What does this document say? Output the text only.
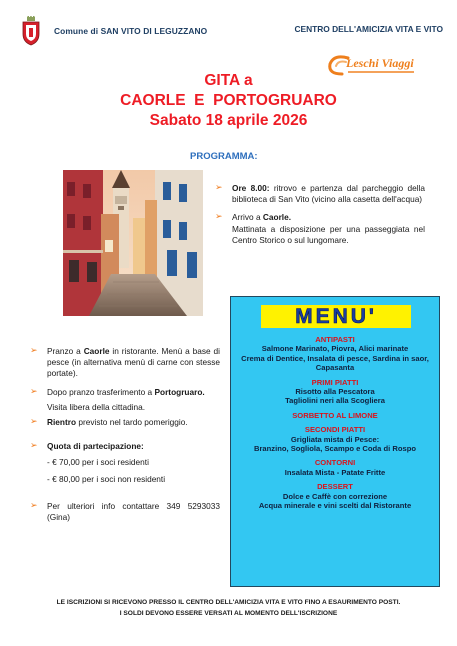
Comune di SAN VITO DI LEGUZZANO	CENTRO DELL'AMICIZIA VITA E VITO
Leschi Viaggi
GITA a
CAORLE  E  PORTOGRUARO
Sabato 18 aprile 2026
PROGRAMMA:
➢ Ore 8.00: ritrovo e partenza dal parcheggio della biblioteca di San Vito (vicino alla casetta dell'acqua)
➢ Arrivo a Caorle.
Mattinata a disposizione per una passeggiata nel Centro Storico o sul lungomare.
➢ Pranzo a Caorle in ristorante. Menù a base di pesce (in alternativa menù di carne con stesse portate).
➢ Dopo pranzo trasferimento a Portogruaro.
Visita libera della cittadina.
➢ Rientro previsto nel tardo pomeriggio.
➢ Quota di partecipazione:
- € 70,00 per i soci residenti
- € 80,00 per i soci non residenti
➢ Per ulteriori info contattare 349 5293033 (Gina)
MENU'
ANTIPASTI
Salmone Marinato, Piovra, Alici marinate
Crema di Dentice, Insalata di pesce, Sardina in saor, Capasanta
PRIMI PIATTI
Risotto alla Pescatora
Tagliolini neri alla Scogliera
SORBETTO AL LIMONE
SECONDI PIATTI
Grigliata mista di Pesce:
Branzino, Sogliola, Scampo e Coda di Rospo
CONTORNI
Insalata Mista - Patate Fritte
DESSERT
Dolce e Caffè con correzione
Acqua minerale e vini scelti dal Ristorante
LE ISCRIZIONI SI RICEVONO PRESSO IL CENTRO DELL'AMICIZIA VITA E VITO FINO A ESAURIMENTO POSTI.
I SOLDI DEVONO ESSERE VERSATI AL MOMENTO DELL'ISCRIZIONE
